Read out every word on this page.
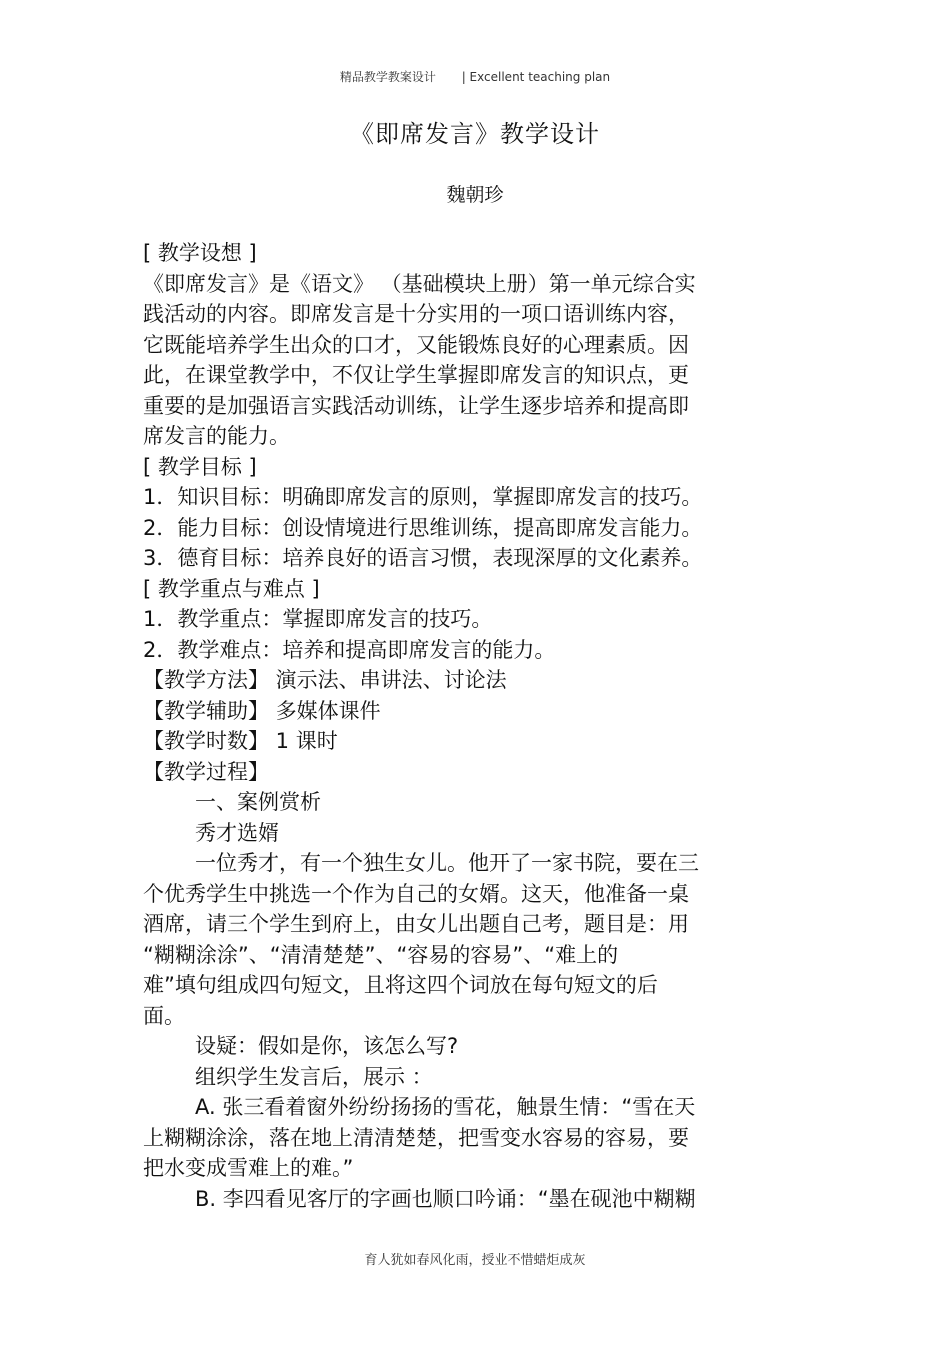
精品教学教案设计 | Excellent teaching plan
《即席发言》教学设计
魏朝珍

[ 教学设想 ]

《即席发言》是《语文》 （基础模块上册）第一单元综合实

践活动的内容。即席发言是十分实用的一项口语训练内容，

它既能培养学生出众的口才，又能锻炼良好的心理素质。因

此，在课堂教学中，不仅让学生掌握即席发言的知识点，更

重要的是加强语言实践活动训练，让学生逐步培养和提高即

席发言的能力。

[ 教学目标 ]

1．知识目标：明确即席发言的原则，掌握即席发言的技巧。

2．能力目标：创设情境进行思维训练，提高即席发言能力。

3．德育目标：培养良好的语言习惯，表现深厚的文化素养。

[ 教学重点与难点 ]

1．教学重点：掌握即席发言的技巧。

2．教学难点：培养和提高即席发言的能力。

【教学方法】 演示法、串讲法、讨论法

【教学辅助】 多媒体课件

【教学时数】 1 课时

【教学过程】

一、案例赏析

秀才选婿

一位秀才，有一个独生女儿。他开了一家书院，要在三

个优秀学生中挑选一个作为自己的女婿。这天，他准备一桌

酒席，请三个学生到府上，由女儿出题自己考，题目是：用

“糊糊涂涂”、“清清楚楚”、“容易的容易”、“难上的

难”填句组成四句短文，且将这四个词放在每句短文的后

面。

设疑：假如是你，该怎么写?

组织学生发言后，展示 ：

A. 张三看着窗外纷纷扬扬的雪花，触景生情：“雪在天

上糊糊涂涂，落在地上清清楚楚，把雪变水容易的容易，要

把水变成雪难上的难。”

B. 李四看见客厅的字画也顺口吟诵：“墨在砚池中糊糊

育人犹如春风化雨，授业不惜蜡炬成灰
